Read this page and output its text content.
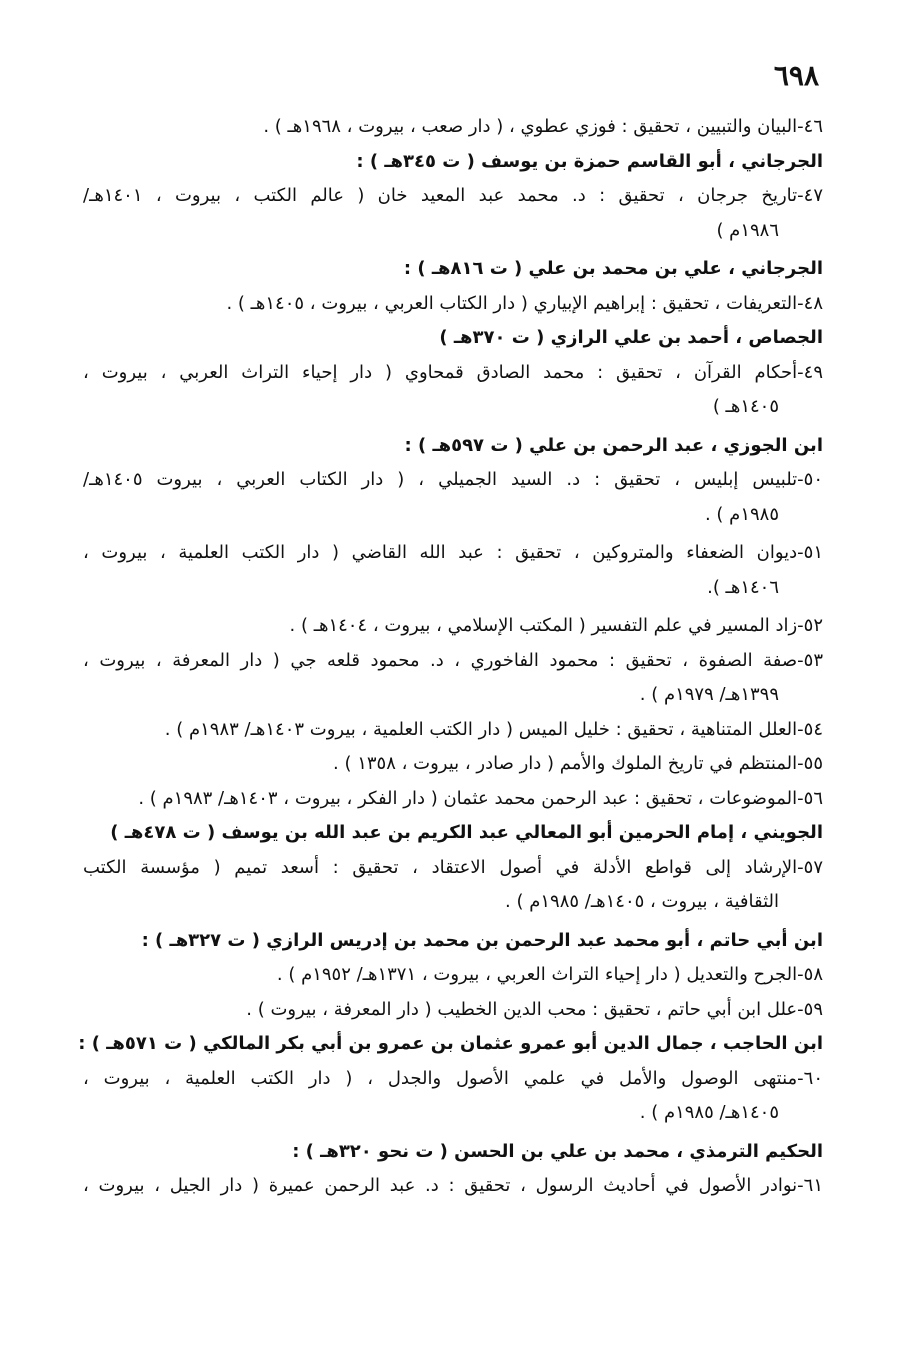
٦٩٨
٤٦-البيان والتبيين ، تحقيق : فوزي عطوي ، ( دار صعب ، بيروت ، ١٩٦٨هـ ) .
الجرجاني ، أبو القاسم حمزة بن يوسف ( ت ٣٤٥هـ ) :
٤٧-تاريخ جرجان ، تحقيق : د. محمد عبد المعيد خان ( عالم الكتب ، بيروت ، ١٤٠١هـ/
١٩٨٦م )
الجرجاني ، علي بن محمد بن علي ( ت ٨١٦هـ ) :
٤٨-التعريفات ، تحقيق : إبراهيم الإبياري ( دار الكتاب العربي ، بيروت ، ١٤٠٥هـ ) .
الجصاص ، أحمد بن علي الرازي ( ت ٣٧٠هـ )
٤٩-أحكام القرآن ، تحقيق : محمد الصادق قمحاوي ( دار إحياء التراث العربي ، بيروت ،
١٤٠٥هـ )
ابن الجوزي ، عبد الرحمن بن علي ( ت ٥٩٧هـ ) :
٥٠-تلبيس إبليس ، تحقيق : د. السيد الجميلي ، ( دار الكتاب العربي ، بيروت ١٤٠٥هـ/
١٩٨٥م ) .
٥١-ديوان الضعفاء والمتروكين ، تحقيق : عبد الله القاضي ( دار الكتب العلمية ، بيروت ،
١٤٠٦هـ ).
٥٢-زاد المسير في علم التفسير ( المكتب الإسلامي ، بيروت ، ١٤٠٤هـ ) .
٥٣-صفة الصفوة ، تحقيق : محمود الفاخوري ، د. محمود قلعه جي ( دار المعرفة ، بيروت ،
١٣٩٩هـ/ ١٩٧٩م ) .
٥٤-العلل المتناهية ، تحقيق : خليل الميس ( دار الكتب العلمية ، بيروت ١٤٠٣هـ/ ١٩٨٣م ) .
٥٥-المنتظم في تاريخ الملوك والأمم ( دار صادر ، بيروت ، ١٣٥٨ ) .
٥٦-الموضوعات ، تحقيق : عبد الرحمن محمد عثمان ( دار الفكر ، بيروت ، ١٤٠٣هـ/ ١٩٨٣م ) .
الجويني ، إمام الحرمين أبو المعالي عبد الكريم بن عبد الله بن يوسف ( ت ٤٧٨هـ )
٥٧-الإرشاد إلى قواطع الأدلة في أصول الاعتقاد ، تحقيق : أسعد تميم ( مؤسسة الكتب
الثقافية ، بيروت ، ١٤٠٥هـ/ ١٩٨٥م ) .
ابن أبي حاتم ، أبو محمد عبد الرحمن بن محمد بن إدريس الرازي ( ت ٣٢٧هـ ) :
٥٨-الجرح والتعديل ( دار إحياء التراث العربي ، بيروت ، ١٣٧١هـ/ ١٩٥٢م ) .
٥٩-علل ابن أبي حاتم ، تحقيق : محب الدين الخطيب ( دار المعرفة ، بيروت ) .
ابن الحاجب ، جمال الدين أبو عمرو عثمان بن عمرو بن أبي بكر المالكي ( ت ٥٧١هـ ) :
٦٠-منتهى الوصول والأمل في علمي الأصول والجدل ، ( دار الكتب العلمية ، بيروت ،
١٤٠٥هـ/ ١٩٨٥م ) .
الحكيم الترمذي ، محمد بن علي بن الحسن ( ت نحو ٣٢٠هـ ) :
٦١-نوادر الأصول في أحاديث الرسول ، تحقيق : د. عبد الرحمن عميرة ( دار الجيل ، بيروت ،
